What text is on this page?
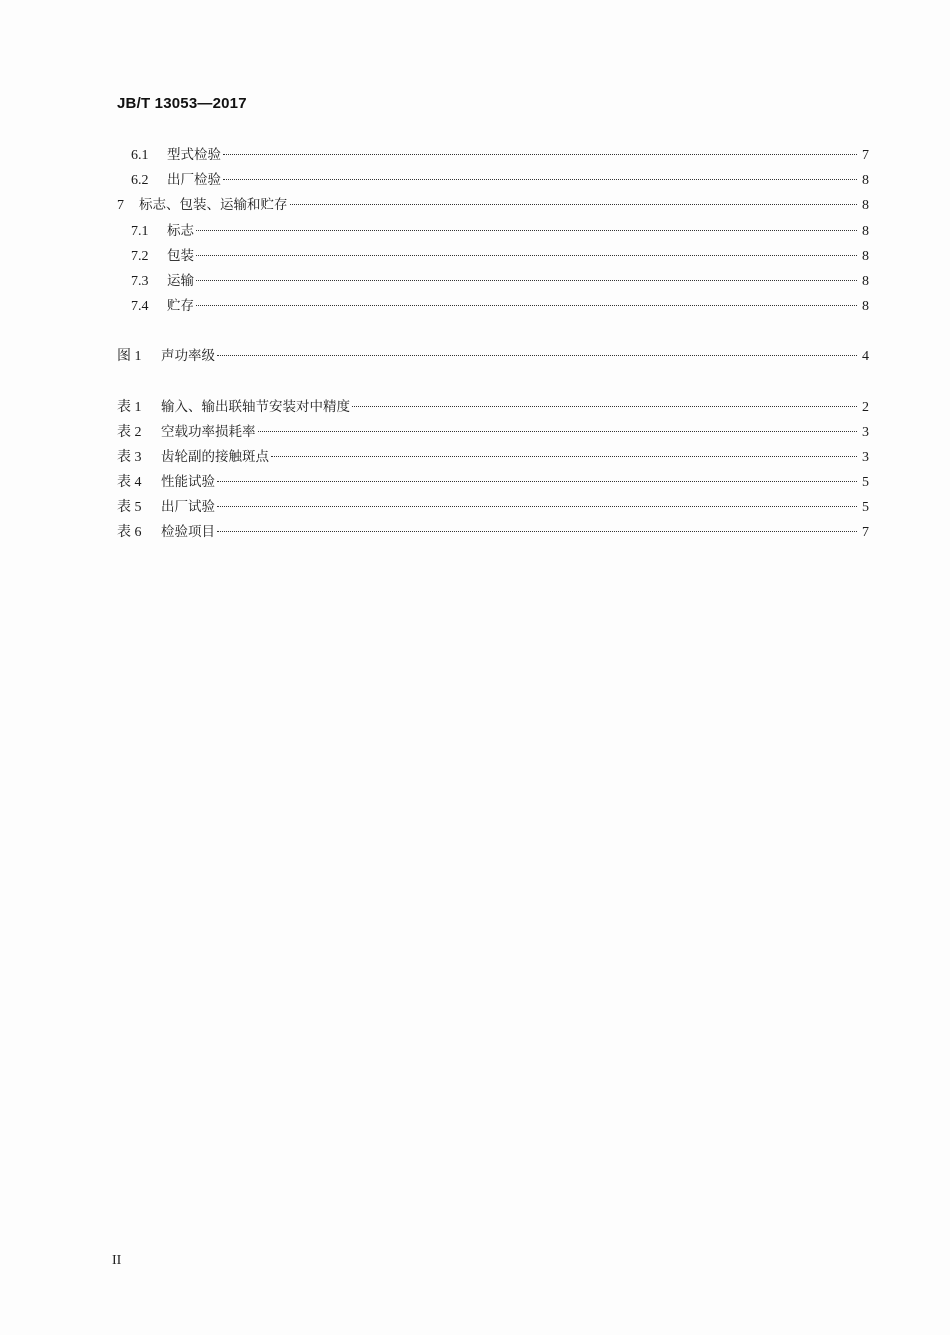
JB/T 13053—2017
6.1	型式检验	7
6.2	出厂检验	8
7	标志、包装、运输和贮存	8
7.1	标志	8
7.2	包装	8
7.3	运输	8
7.4	贮存	8
图 1	声功率级	4
表 1	输入、输出联轴节安装对中精度	2
表 2	空载功率损耗率	3
表 3	齿轮副的接触斑点	3
表 4	性能试验	5
表 5	出厂试验	5
表 6	检验项目	7
II
